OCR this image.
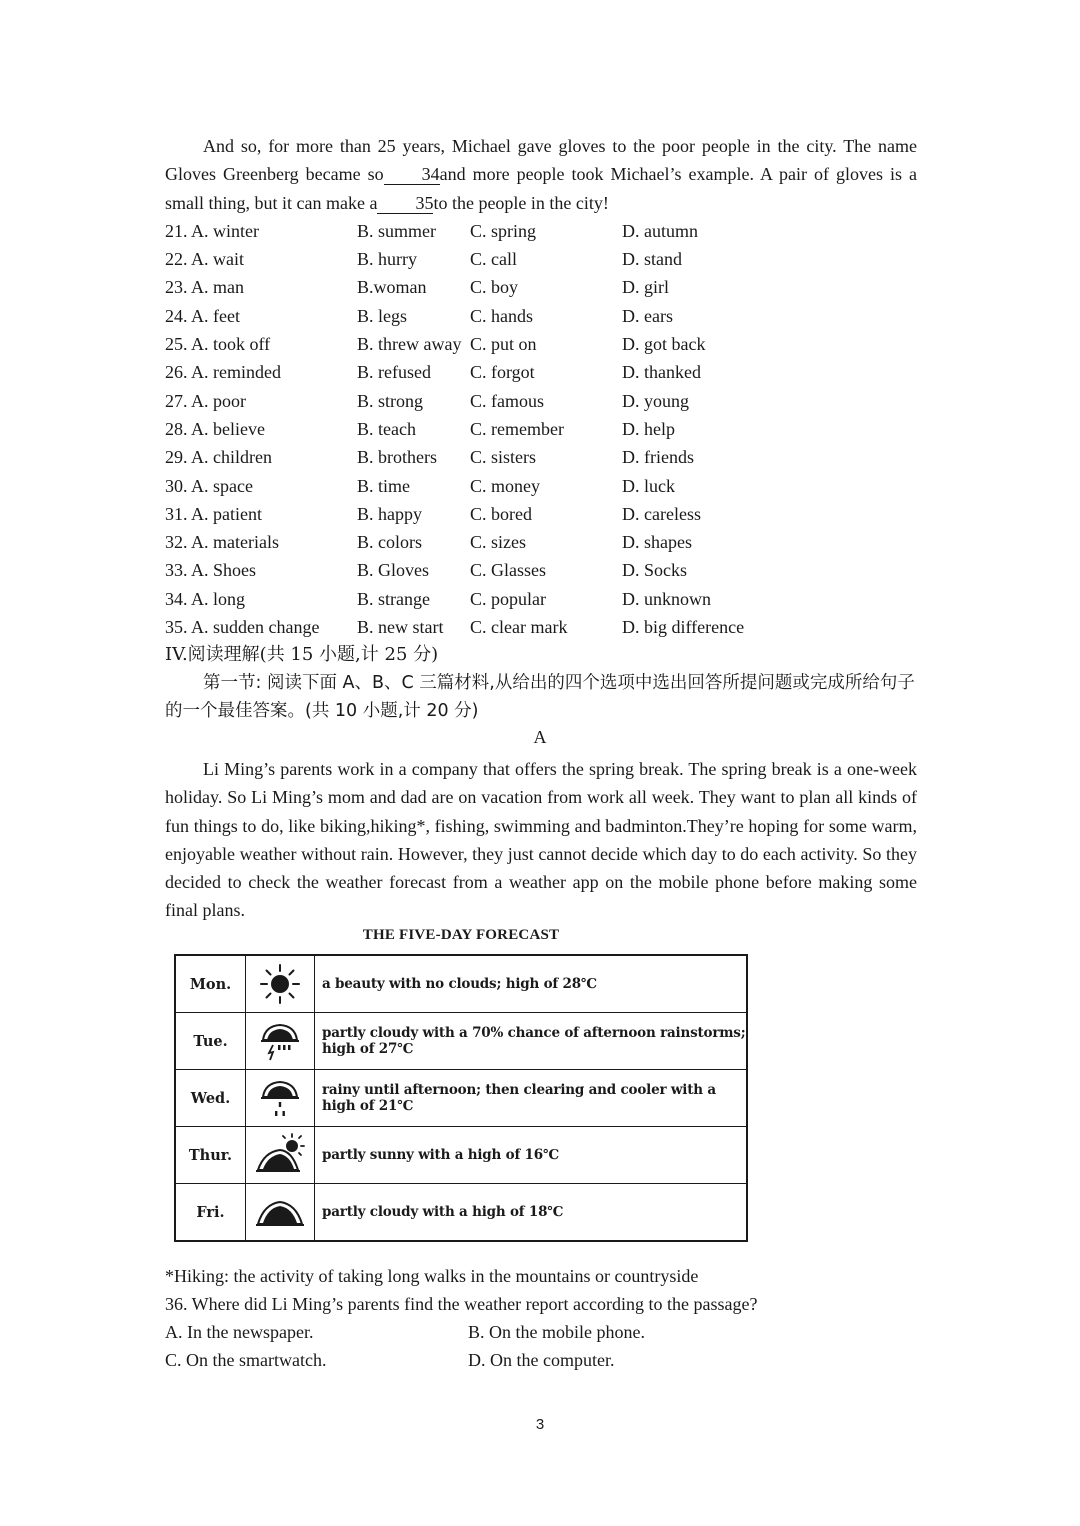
And so, for more than 25 years, Michael gave gloves to the poor people in the city. The name Gloves Greenberg became so 34and more people took Michael’s example. A pair of gloves is a small thing, but it can make a 35to the people in the city!
21. A. winter	B. summer C. spring	D. autumn
22. A. wait	B. hurry	C. call	D. stand
23. A. man	B.woman C. boy	D. girl
24. A. feet	B. legs	C. hands	D. ears
25. A. took off	B. threw away C. put on	D. got back
26. A. reminded	B. refused C. forgot	D. thanked
27. A. poor	B. strong	C. famous	D. young
28. A. believe	B. teach	C. remember	D. help
29. A. children	B. brothers C. sisters	D. friends
30. A. space	B. time	C. money	D. luck
31. A. patient	B. happy	C. bored	D. careless
32. A. materials	B. colors	C. sizes	D. shapes
33. A. Shoes	B. Gloves C. Glasses	D. Socks
34. A. long	B. strange C. popular	D. unknown
35. A. sudden change B. new start C. clear mark	D. big difference
IV.阅读理解(共 15 小题,计 25 分)
第一节: 阅读下面 A、B、C 三篇材料,从给出的四个选项中选出回答所提问题或完成所给句子的一个最佳答案。(共 10 小题,计 20 分)
A
Li Ming’s parents work in a company that offers the spring break. The spring break is a one-week holiday. So Li Ming’s mom and dad are on vacation from work all week. They want to plan all kinds of fun things to do, like biking,hiking*, fishing, swimming and badminton.They’re hoping for some warm, enjoyable weather without rain. However, they just cannot decide which day to do each activity. So they decided to check the weather forecast from a weather app on the mobile phone before making some final plans.
THE FIVE-DAY FORECAST
Mon.		a beauty with no clouds; high of 28℃
Tue.		partly cloudy with a 70% chance of afternoon rainstorms; high of 27℃
Wed.		rainy until afternoon; then clearing and cooler with a high of 21℃
Thur.		partly sunny with a high of 16℃
Fri.		partly cloudy with a high of 18℃
*Hiking: the activity of taking long walks in the mountains or countryside
36. Where did Li Ming’s parents find the weather report according to the passage?
A. In the newspaper.	B. On the mobile phone.
C. On the smartwatch.	D. On the computer.
3
